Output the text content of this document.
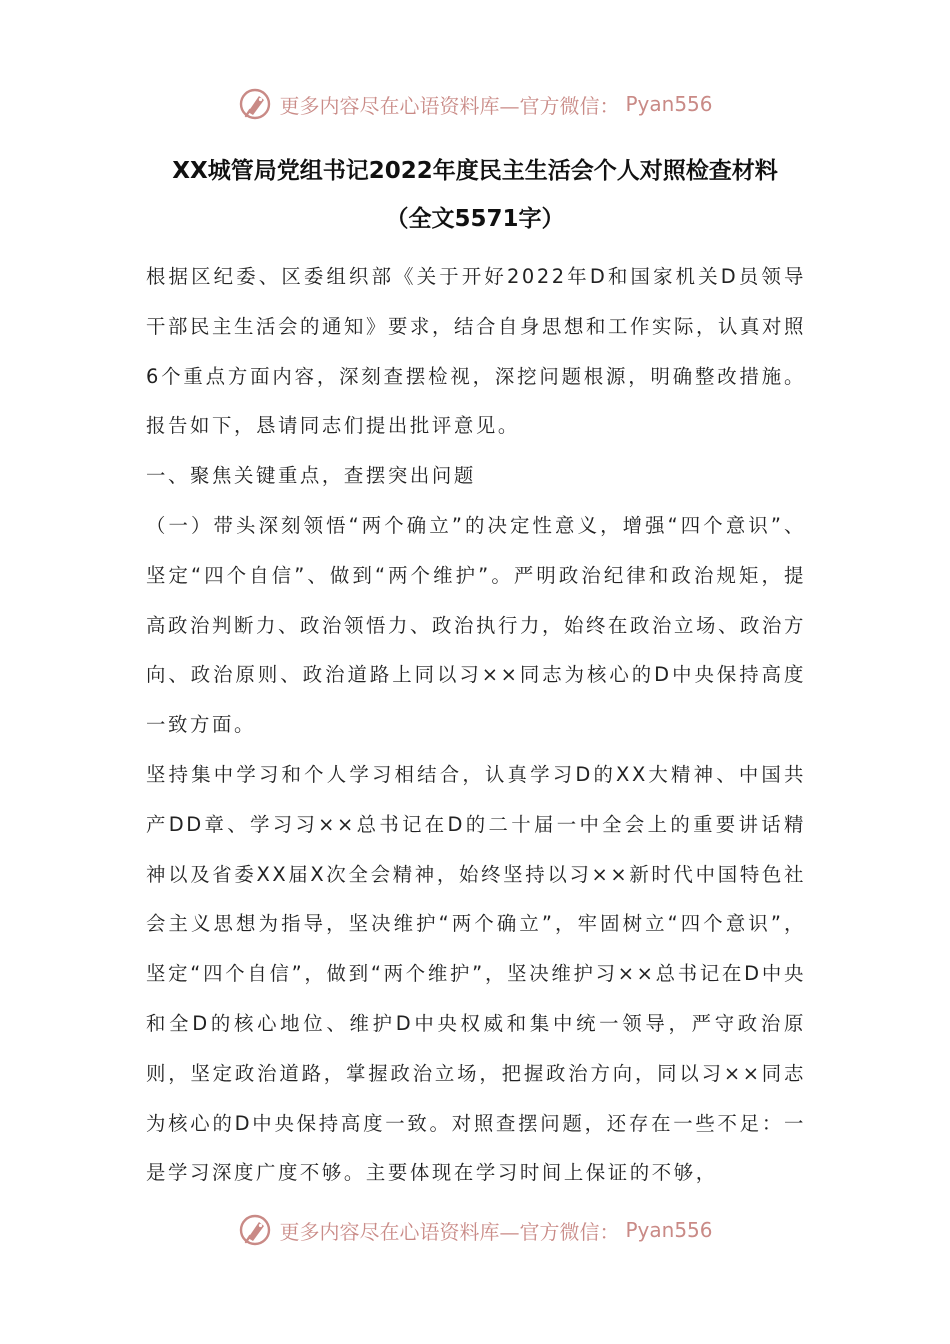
更多内容尽在心语资料库—官方微信： Pyan556
XX城管局党组书记2022年度民主生活会个人对照检查材料
（全文5571字）

根据区纪委、区委组织部《关于开好2022年D和国家机关D员领导干部民主生活会的通知》要求，结合自身思想和工作实际，认真对照6个重点方面内容，深刻查摆检视，深挖问题根源，明确整改措施。报告如下，恳请同志们提出批评意见。

一、聚焦关键重点，查摆突出问题

（一）带头深刻领悟“两个确立”的决定性意义，增强“四个意识”、坚定“四个自信”、做到“两个维护”。严明政治纪律和政治规矩，提高政治判断力、政治领悟力、政治执行力，始终在政治立场、政治方向、政治原则、政治道路上同以习××同志为核心的D中央保持高度一致方面。

坚持集中学习和个人学习相结合，认真学习D的XX大精神、中国共产DD章、学习习××总书记在D的二十届一中全会上的重要讲话精神以及省委XX届X次全会精神，始终坚持以习××新时代中国特色社会主义思想为指导，坚决维护“两个确立”，牢固树立“四个意识”，坚定“四个自信”，做到“两个维护”，坚决维护习××总书记在D中央和全D的核心地位、维护D中央权威和集中统一领导，严守政治原则，坚定政治道路，掌握政治立场，把握政治方向，同以习××同志为核心的D中央保持高度一致。对照查摆问题，还存在一些不足：一是学习深度广度不够。主要体现在学习时间上保证的不够，

更多内容尽在心语资料库—官方微信： Pyan556
